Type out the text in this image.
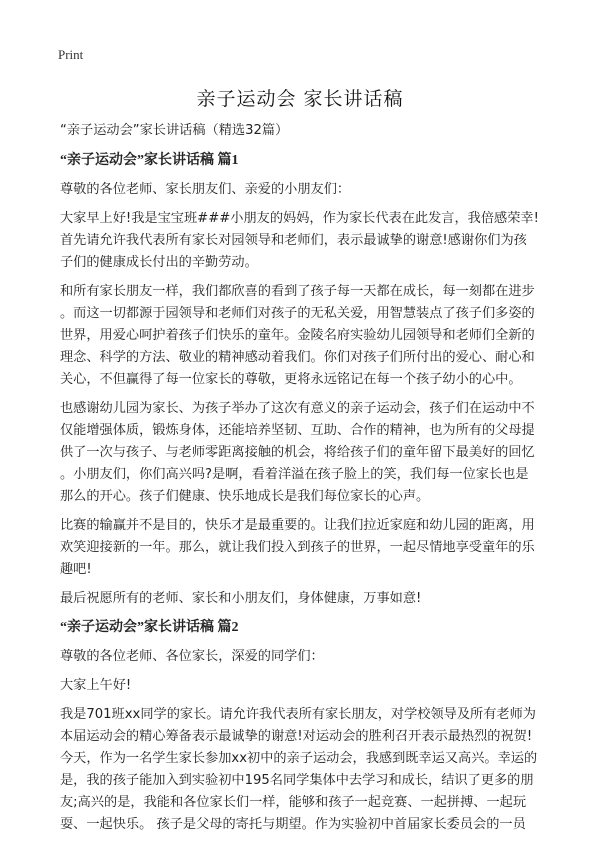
Print
亲子运动会 家长讲话稿
“亲子运动会”家长讲话稿（精选32篇）
“亲子运动会”家长讲话稿 篇1
尊敬的各位老师、家长朋友们、亲爱的小朋友们：
大家早上好!我是宝宝班###小朋友的妈妈，作为家长代表在此发言，我倍感荣幸!
首先请允许我代表所有家长对园领导和老师们，表示最诚挚的谢意!感谢你们为孩
子们的健康成长付出的辛勤劳动。
和所有家长朋友一样，我们都欣喜的看到了孩子每一天都在成长，每一刻都在进步
。而这一切都源于园领导和老师们对孩子的无私关爱，用智慧装点了孩子们多姿的
世界，用爱心呵护着孩子们快乐的童年。金陵名府实验幼儿园领导和老师们全新的
理念、科学的方法、敬业的精神感动着我们。你们对孩子们所付出的爱心、耐心和
关心，不但赢得了每一位家长的尊敬，更将永远铭记在每一个孩子幼小的心中。
也感谢幼儿园为家长、为孩子举办了这次有意义的亲子运动会，孩子们在运动中不
仅能增强体质，锻炼身体，还能培养坚韧、互助、合作的精神，也为所有的父母提
供了一次与孩子、与老师零距离接触的机会，将给孩子们的童年留下最美好的回忆
。小朋友们，你们高兴吗?是啊，看着洋溢在孩子脸上的笑，我们每一位家长也是
那么的开心。孩子们健康、快乐地成长是我们每位家长的心声。
比赛的输赢并不是目的，快乐才是最重要的。让我们拉近家庭和幼儿园的距离，用
欢笑迎接新的一年。那么，就让我们投入到孩子的世界，一起尽情地享受童年的乐
趣吧!
最后祝愿所有的老师、家长和小朋友们，身体健康，万事如意!
“亲子运动会”家长讲话稿 篇2
尊敬的各位老师、各位家长，深爱的同学们：
大家上午好!
我是701班xx同学的家长。请允许我代表所有家长朋友，对学校领导及所有老师为
本届运动会的精心筹备表示最诚挚的谢意!对运动会的胜利召开表示最热烈的祝贺!
今天，作为一名学生家长参加xx初中的亲子运动会，我感到既幸运又高兴。幸运的
是，我的孩子能加入到实验初中195名同学集体中去学习和成长，结识了更多的朋
友;高兴的是，我能和各位家长们一样，能够和孩子一起竞赛、一起拼搏、一起玩
耍、一起快乐。 孩子是父母的寄托与期望。作为实验初中首届家长委员会的一员
